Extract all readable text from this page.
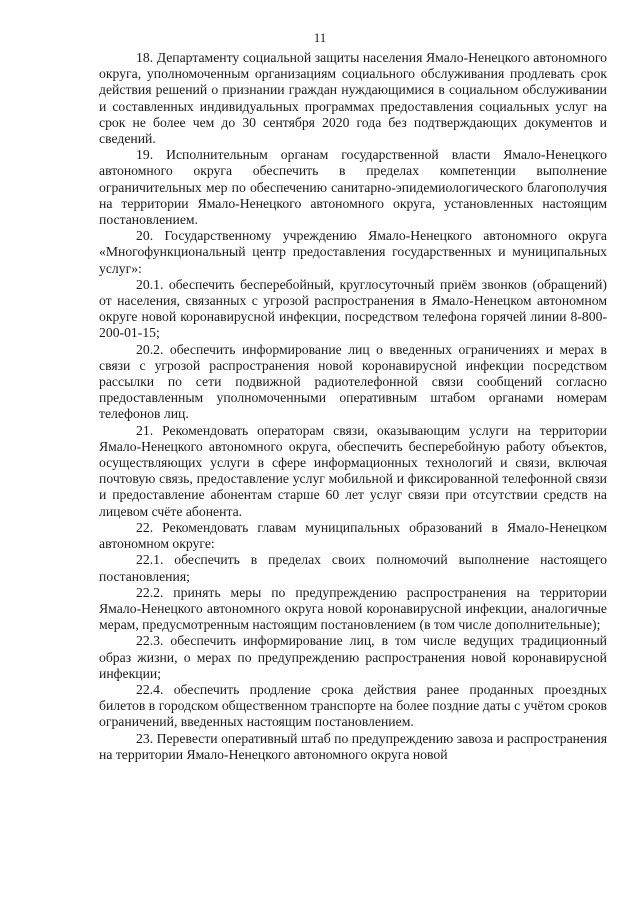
11

18. Департаменту социальной защиты населения Ямало-Ненецкого автономного округа, уполномоченным организациям социального обслуживания продлевать срок действия решений о признании граждан нуждающимися в социальном обслуживании и составленных индивидуальных программах предоставления социальных услуг на срок не более чем до 30 сентября 2020 года без подтверждающих документов и сведений.

19. Исполнительным органам государственной власти Ямало-Ненецкого автономного округа обеспечить в пределах компетенции выполнение ограничительных мер по обеспечению санитарно-эпидемиологического благополучия на территории Ямало-Ненецкого автономного округа, установленных настоящим постановлением.

20. Государственному учреждению Ямало-Ненецкого автономного округа «Многофункциональный центр предоставления государственных и муниципальных услуг»:

20.1. обеспечить бесперебойный, круглосуточный приём звонков (обращений) от населения, связанных с угрозой распространения в Ямало-Ненецком автономном округе новой коронавирусной инфекции, посредством телефона горячей линии 8-800-200-01-15;

20.2. обеспечить информирование лиц о введенных ограничениях и мерах в связи с угрозой распространения новой коронавирусной инфекции посредством рассылки по сети подвижной радиотелефонной связи сообщений согласно предоставленным уполномоченными оперативным штабом органами номерам телефонов лиц.

21. Рекомендовать операторам связи, оказывающим услуги на территории Ямало-Ненецкого автономного округа, обеспечить бесперебойную работу объектов, осуществляющих услуги в сфере информационных технологий и связи, включая почтовую связь, предоставление услуг мобильной и фиксированной телефонной связи и предоставление абонентам старше 60 лет услуг связи при отсутствии средств на лицевом счёте абонента.

22. Рекомендовать главам муниципальных образований в Ямало-Ненецком автономном округе:

22.1. обеспечить в пределах своих полномочий выполнение настоящего постановления;

22.2. принять меры по предупреждению распространения на территории Ямало-Ненецкого автономного округа новой коронавирусной инфекции, аналогичные мерам, предусмотренным настоящим постановлением (в том числе дополнительные);

22.3. обеспечить информирование лиц, в том числе ведущих традиционный образ жизни, о мерах по предупреждению распространения новой коронавирусной инфекции;

22.4. обеспечить продление срока действия ранее проданных проездных билетов в городском общественном транспорте на более поздние даты с учётом сроков ограничений, введенных настоящим постановлением.

23. Перевести оперативный штаб по предупреждению завоза и распространения на территории Ямало-Ненецкого автономного округа новой
